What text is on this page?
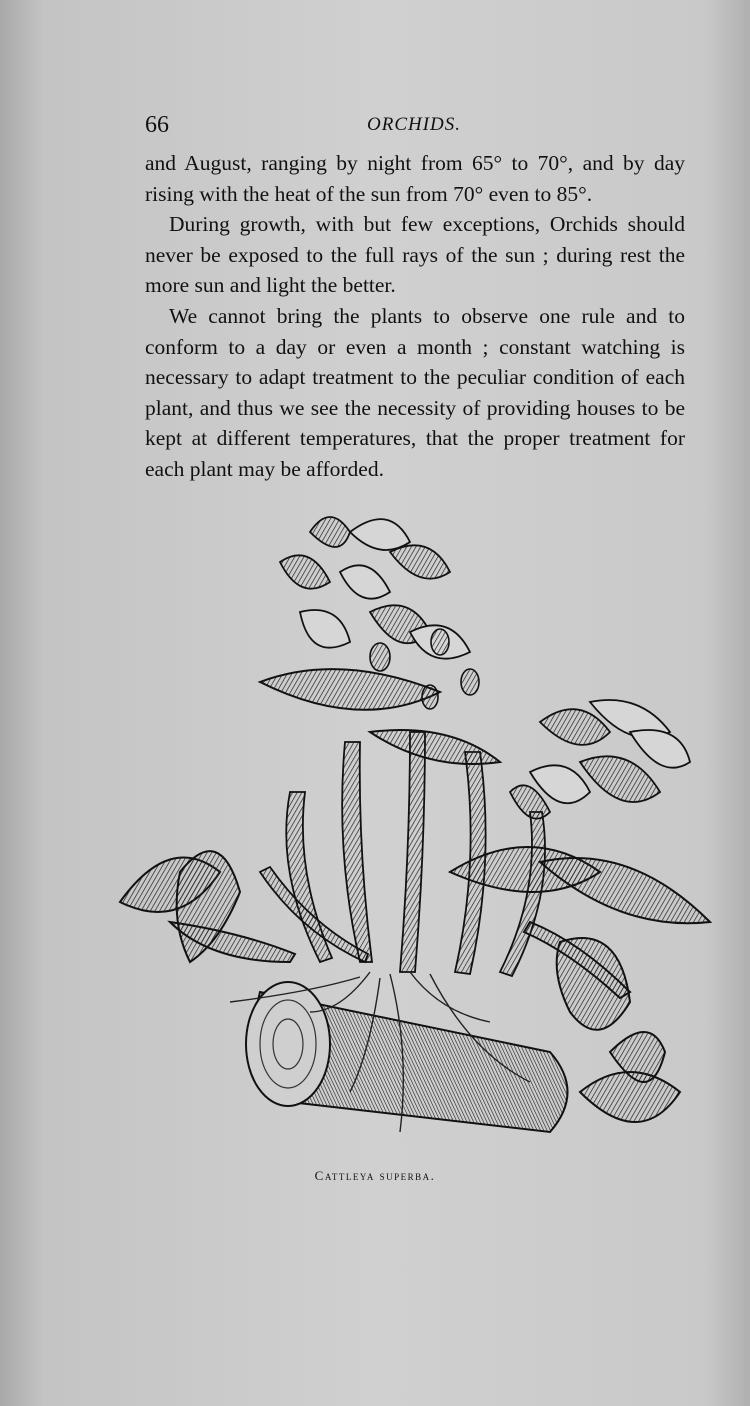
66	ORCHIDS.

and August, ranging by night from 65° to 70°, and by day rising with the heat of the sun from 70° even to 85°.

During growth, with but few exceptions, Orchids should never be exposed to the full rays of the sun ; during rest the more sun and light the better.

We cannot bring the plants to observe one rule and to conform to a day or even a month ; constant watching is necessary to adapt treatment to the peculiar condition of each plant, and thus we see the necessity of providing houses to be kept at different temperatures, that the proper treatment for each plant may be afforded.

Cattleya superba.
